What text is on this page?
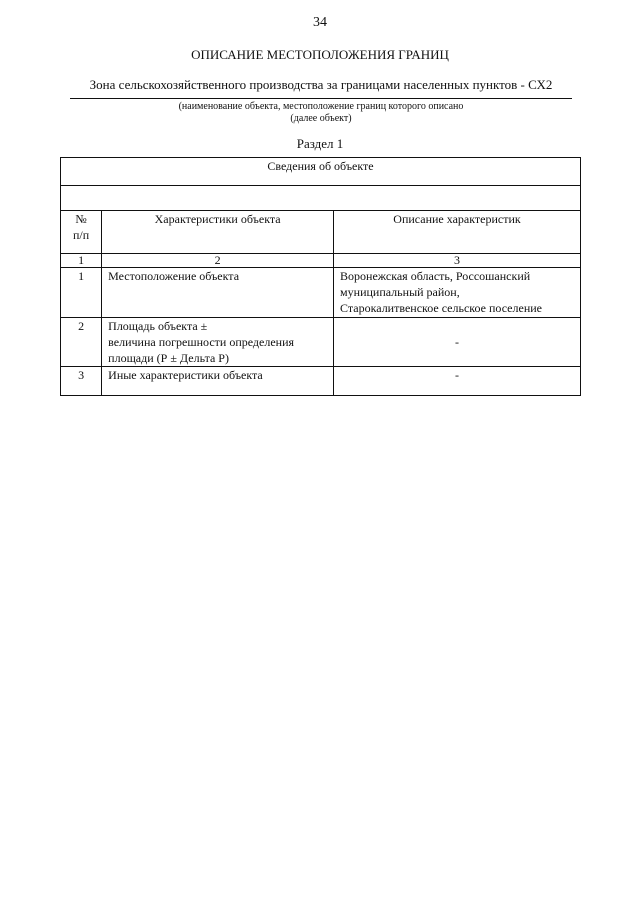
34
ОПИСАНИЕ МЕСТОПОЛОЖЕНИЯ ГРАНИЦ
Зона сельскохозяйственного производства за границами населенных пунктов - СХ2
(наименование объекта, местоположение границ которого описано
(далее объект)
Раздел 1
Сведения об объекте		

№
п/п	Характеристики объекта	Описание характеристик
1	2	3
1	Местоположение объекта	Воронежская область, Россошанский
муниципальный район,
Старокалитвенское сельское поселение

2	Площадь объекта ±
величина погрешности определения
площади (Р ± Дельта Р)	-

3	Иные характеристики объекта	-
